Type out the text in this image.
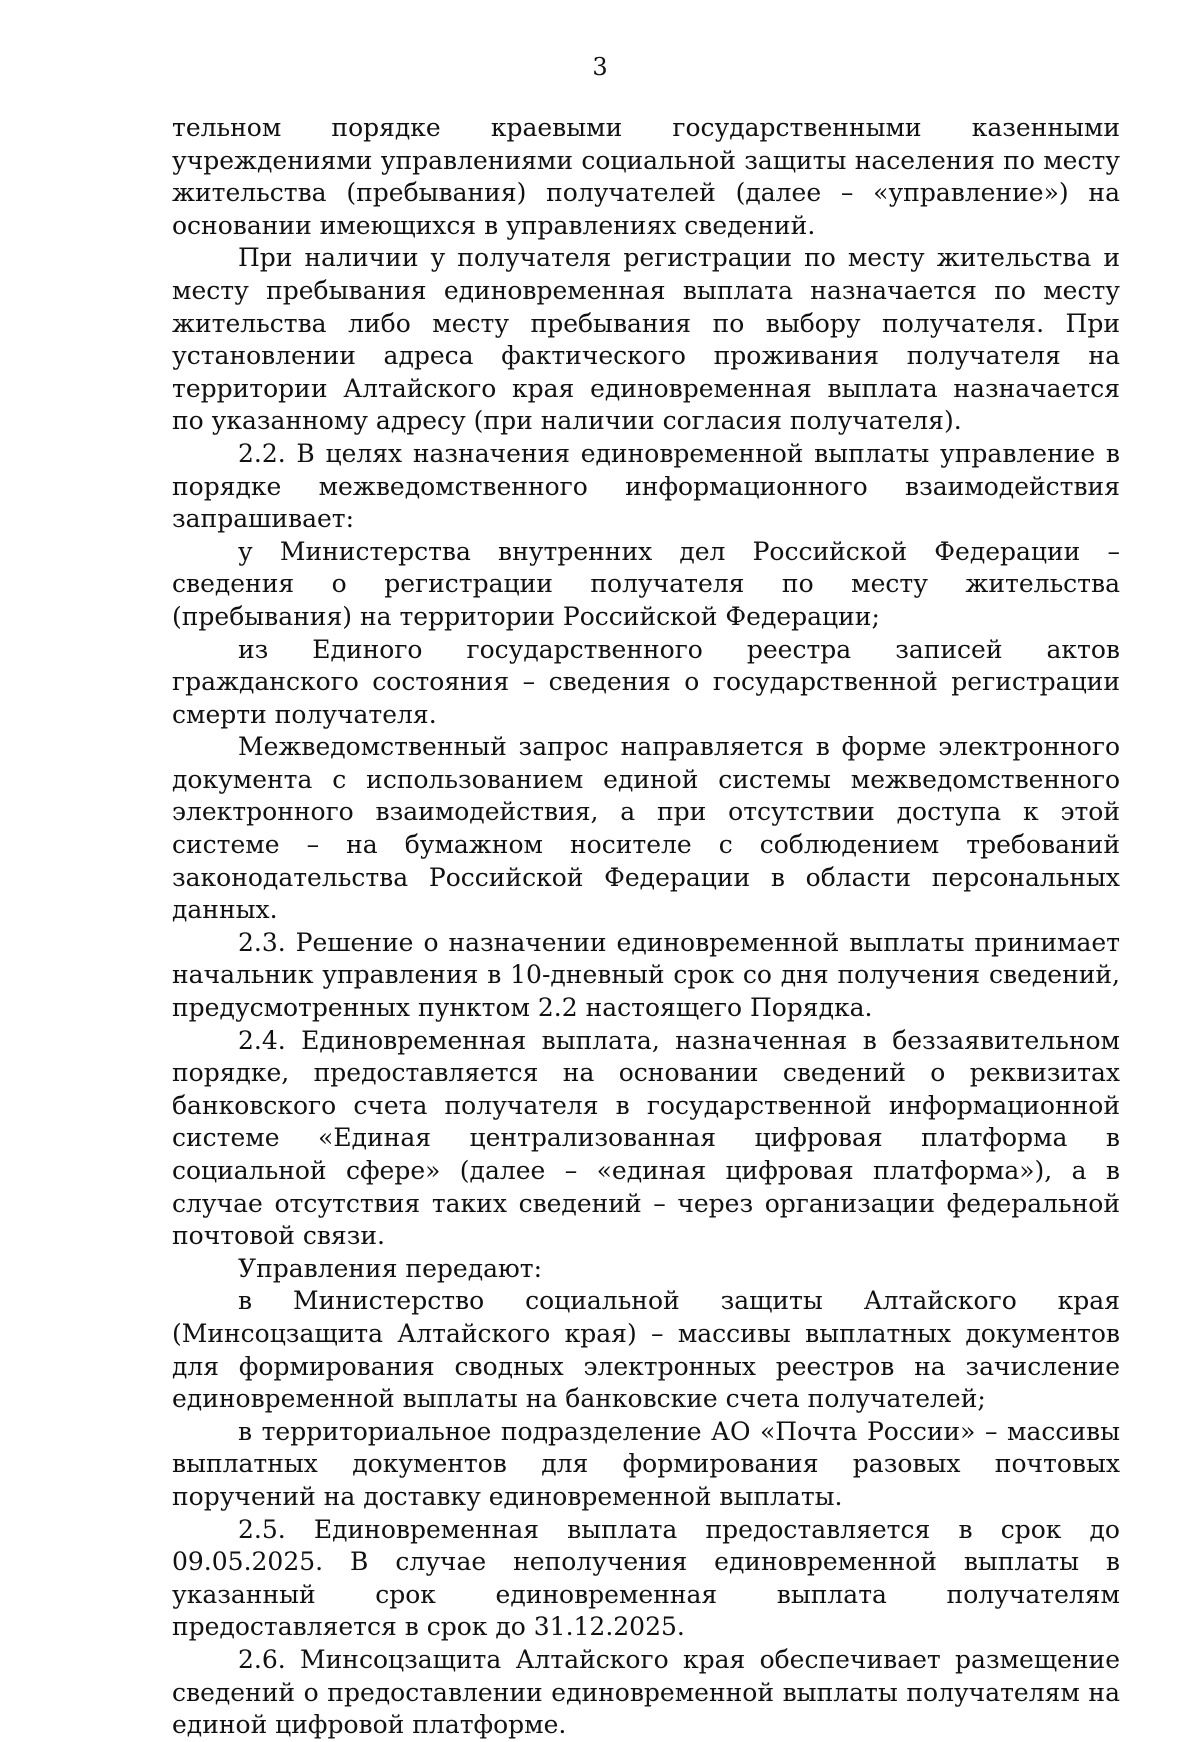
3

тельном порядке краевыми государственными казенными учреждениями управлениями социальной защиты населения по месту жительства (пребывания) получателей (далее – «управление») на основании имеющихся в управлениях сведений.

При наличии у получателя регистрации по месту жительства и месту пребывания единовременная выплата назначается по месту жительства либо месту пребывания по выбору получателя. При установлении адреса фактического проживания получателя на территории Алтайского края единовременная выплата назначается по указанному адресу (при наличии согласия получателя).

2.2. В целях назначения единовременной выплаты управление в порядке межведомственного информационного взаимодействия запрашивает:

у Министерства внутренних дел Российской Федерации – сведения о регистрации получателя по месту жительства (пребывания) на территории Российской Федерации;

из Единого государственного реестра записей актов гражданского состояния – сведения о государственной регистрации смерти получателя.

Межведомственный запрос направляется в форме электронного документа с использованием единой системы межведомственного электронного взаимодействия, а при отсутствии доступа к этой системе – на бумажном носителе с соблюдением требований законодательства Российской Федерации в области персональных данных.

2.3. Решение о назначении единовременной выплаты принимает начальник управления в 10-дневный срок со дня получения сведений, предусмотренных пунктом 2.2 настоящего Порядка.

2.4. Единовременная выплата, назначенная в беззаявительном порядке, предоставляется на основании сведений о реквизитах банковского счета получателя в государственной информационной системе «Единая централизованная цифровая платформа в социальной сфере» (далее – «единая цифровая платформа»), а в случае отсутствия таких сведений – через организации федеральной почтовой связи.

Управления передают:

в Министерство социальной защиты Алтайского края (Минсоцзащита Алтайского края) – массивы выплатных документов для формирования сводных электронных реестров на зачисление единовременной выплаты на банковские счета получателей;

в территориальное подразделение АО «Почта России» – массивы выплатных документов для формирования разовых почтовых поручений на доставку единовременной выплаты.

2.5. Единовременная выплата предоставляется в срок до 09.05.2025. В случае неполучения единовременной выплаты в указанный срок единовременная выплата получателям предоставляется в срок до 31.12.2025.

2.6. Минсоцзащита Алтайского края обеспечивает размещение сведений о предоставлении единовременной выплаты получателям на единой цифровой платформе.
